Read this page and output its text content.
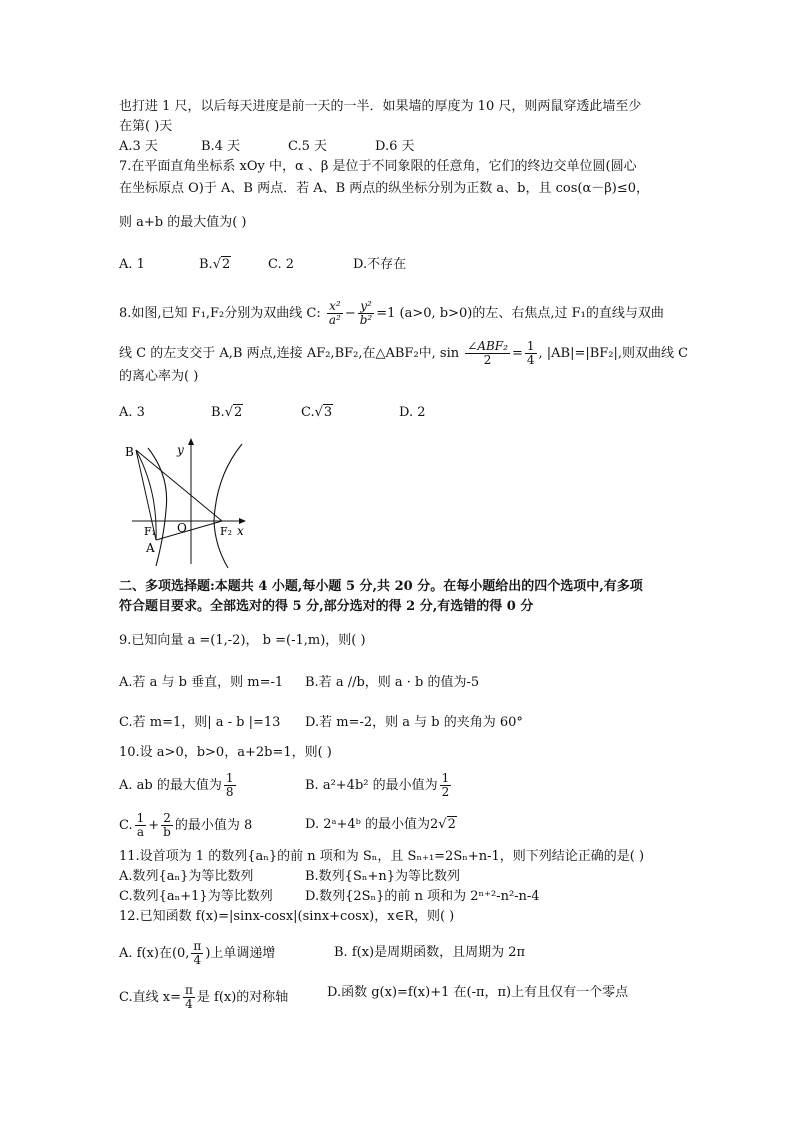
也打进 1 尺，以后每天进度是前一天的一半．如果墙的厚度为 10 尺，则两鼠穿透此墙至少
在第( )天
A.3 天	B.4 天	C.5 天	D.6 天
7.在平面直角坐标系 xOy 中，α 、β 是位于不同象限的任意角，它们的终边交单位圆(圆心
在坐标原点 O)于 A、B 两点．若 A、B 两点的纵坐标分别为正数 a、b，且 cos(α－β)≤0，
则 a+b 的最大值为( )
A. 1	B.√2	C. 2	D.不存在
8.如图,已知 F₁,F₂分别为双曲线 C: $\frac{\text{x²}}{\text{a²}} - \frac{\text{y²}}{\text{b²}} =1$ (a>0, b>0)的左、右焦点,过 F₁的直线与双曲
线 C 的左支交于 A,B 两点,连接 AF₂,BF₂,在△ABF₂中, $\sin \frac{\text{∠ABF₂}}{2} = \frac{1}{4}$ , |AB|=|BF₂|,则双曲线 C
的离心率为( )
A. 3	B.√2	C.√3	D. 2
B	y
F₁ O	F₂ x
A
二、多项选择题:本题共 4 小题,每小题 5 分,共 20 分。在每小题给出的四个选项中,有多项
符合题目要求。全部选对的得 5 分,部分选对的得 2 分,有选错的得 0 分
9.已知向量 a =(1,-2)， b =(-1,m)，则( )
A.若 a 与 b 垂直，则 m=-1 B.若 a //b，则 a · b 的值为-5
C.若 m=1，则| a - b |=13 D.若 m=-2，则 a 与 b 的夹角为 60°
10.设 a>0，b>0，a+2b=1，则( )
A. ab 的最大值为 $\frac{1}{8}$	B. a²+4b² 的最小值为 $\frac{1}{2}$
C. $\frac{1}{a} + \frac{2}{b}$ 的最小值为 8	D. 2ᵃ+4ᵇ 的最小值为2√2
11.设首项为 1 的数列{aₙ}的前 n 项和为 Sₙ，且 Sₙ₊₁=2Sₙ+n-1，则下列结论正确的是( )
A.数列{aₙ}为等比数列	B.数列{Sₙ+n}为等比数列
C.数列{aₙ+1}为等比数列 D.数列{2Sₙ}的前 n 项和为 2ⁿ⁺²-n²-n-4
12.已知函数 f(x)=|sinx-cosx|(sinx+cosx)，x∈R，则( )
A. f(x)在(0, $\frac{\pi}{4}$ )上单调递增	B. f(x)是周期函数，且周期为 2π
C.直线 $x= \frac{\pi}{4}$ 是 f(x)的对称轴	D.函数 g(x)=f(x)+1 在(-π，π)上有且仅有一个零点
